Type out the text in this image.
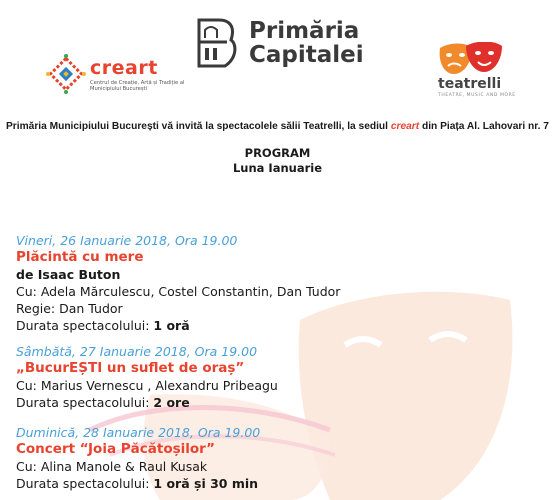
creart
Centrul de Creație, Artă și Tradiție al Municipiului București
Primăria
Capitalei
teatrelli
THEATRE, MUSIC AND MORE
Primăria Municipiului București vă invită la spectacolele sălii Teatrelli, la sediul creart din Piața Al. Lahovari nr. 7
PROGRAM
Luna Ianuarie
Vineri, 26 Ianuarie 2018, Ora 19.00
Plăcintă cu mere
de Isaac Buton
Cu: Adela Mărculescu, Costel Constantin, Dan Tudor
Regie: Dan Tudor
Durata spectacolului: 1 oră
Sâmbătă, 27 Ianuarie 2018, Ora 19.00
„BucurEȘTI un suflet de oraș”
Cu: Marius Vernescu , Alexandru Pribeagu
Durata spectacolului: 2 ore
Duminică, 28 Ianuarie 2018, Ora 19.00
Concert “Joia Păcătoșilor”
Cu: Alina Manole & Raul Kusak
Durata spectacolului: 1 oră și 30 min
